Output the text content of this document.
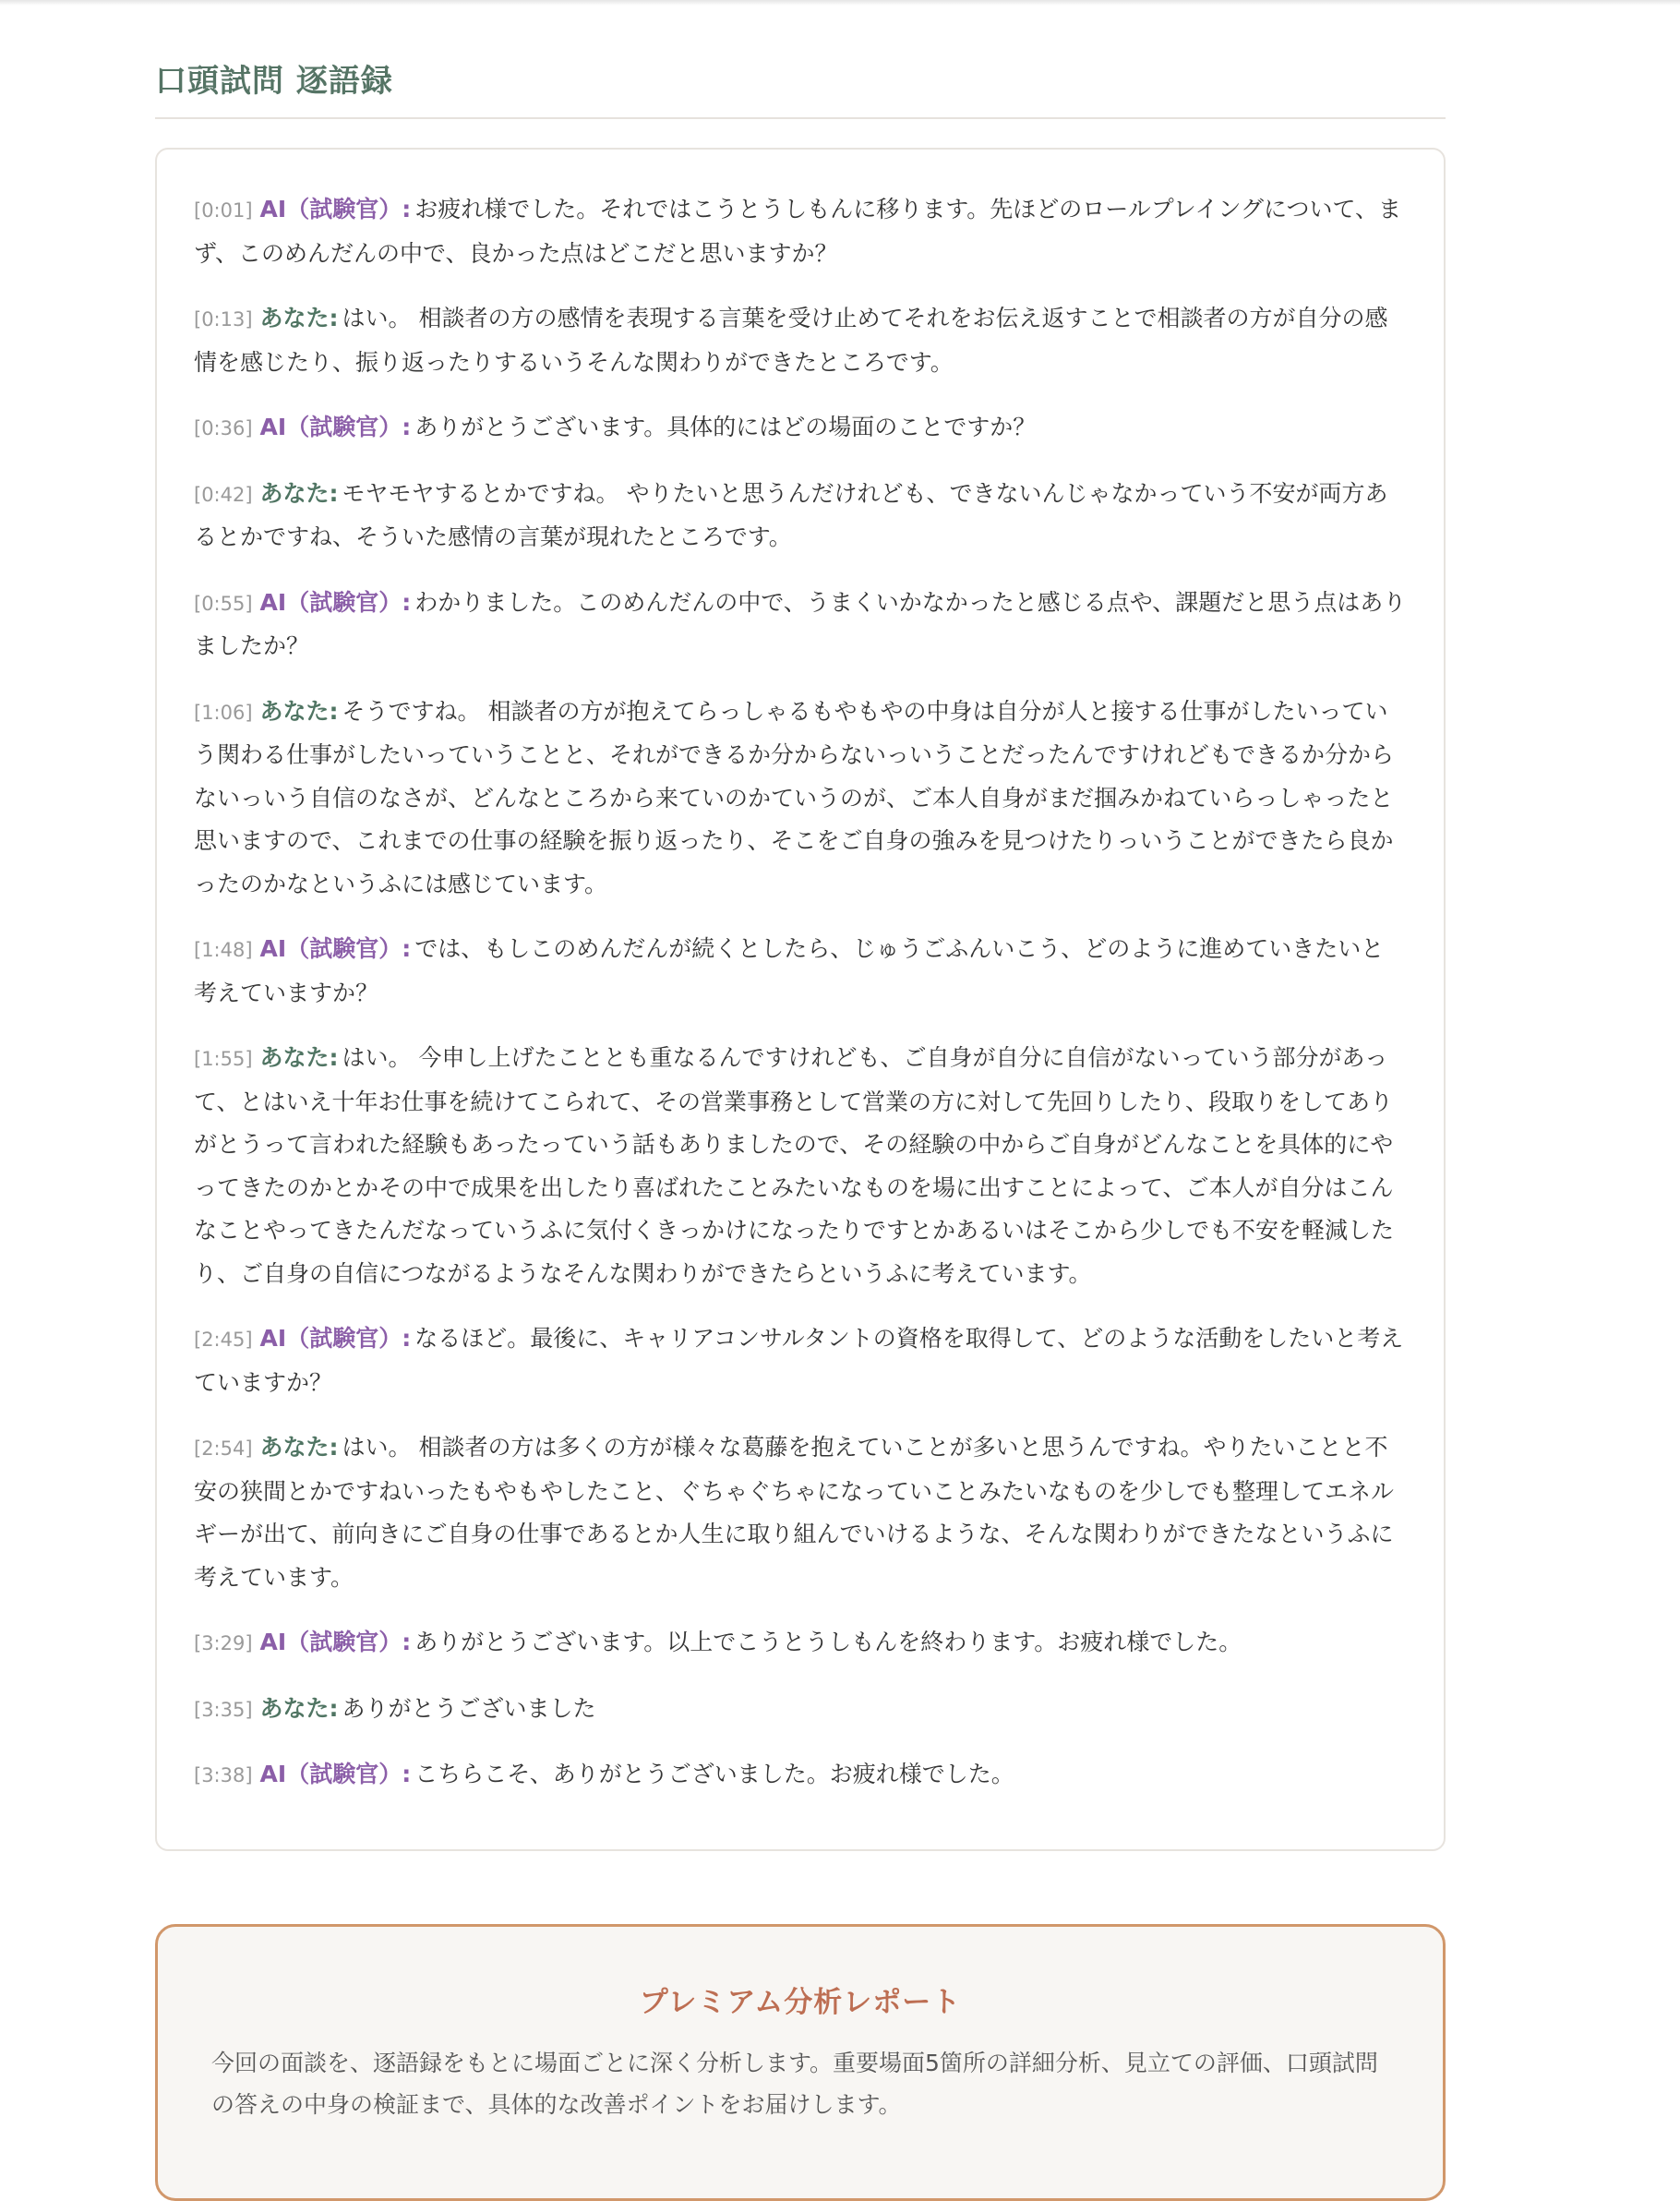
口頭試問 逐語録
[0:01] AI（試験官）: お疲れ様でした。それではこうとうしもんに移ります。先ほどのロールプレイングについて、まず、このめんだんの中で、良かった点はどこだと思いますか？
[0:13] あなた: はい。 相談者の方の感情を表現する言葉を受け止めてそれをお伝え返すことで相談者の方が自分の感情を感じたり、振り返ったりするいうそんな関わりができたところです。
[0:36] AI（試験官）: ありがとうございます。具体的にはどの場面のことですか？
[0:42] あなた: モヤモヤするとかですね。 やりたいと思うんだけれども、できないんじゃなかっていう不安が両方あるとかですね、そういた感情の言葉が現れたところです。
[0:55] AI（試験官）: わかりました。このめんだんの中で、うまくいかなかったと感じる点や、課題だと思う点はありましたか？
[1:06] あなた: そうですね。 相談者の方が抱えてらっしゃるもやもやの中身は自分が人と接する仕事がしたいっていう関わる仕事がしたいっていうことと、それができるか分からないっいうことだったんですけれどもできるか分からないっいう自信のなさが、どんなところから来ていのかていうのが、ご本人自身がまだ掴みかねていらっしゃったと思いますので、これまでの仕事の経験を振り返ったり、そこをご自身の強みを見つけたりっいうことができたら良かったのかなというふには感じています。
[1:48] AI（試験官）: では、もしこのめんだんが続くとしたら、じゅうごふんいこう、どのように進めていきたいと考えていますか？
[1:55] あなた: はい。 今申し上げたこととも重なるんですけれども、ご自身が自分に自信がないっていう部分があって、とはいえ十年お仕事を続けてこられて、その営業事務として営業の方に対して先回りしたり、段取りをしてありがとうって言われた経験もあったっていう話もありましたので、その経験の中からご自身がどんなことを具体的にやってきたのかとかその中で成果を出したり喜ばれたことみたいなものを場に出すことによって、ご本人が自分はこんなことやってきたんだなっていうふに気付くきっかけになったりですとかあるいはそこから少しでも不安を軽減したり、ご自身の自信につながるようなそんな関わりができたらというふに考えています。
[2:45] AI（試験官）: なるほど。最後に、キャリアコンサルタントの資格を取得して、どのような活動をしたいと考えていますか？
[2:54] あなた: はい。 相談者の方は多くの方が様々な葛藤を抱えていことが多いと思うんですね。やりたいことと不安の狭間とかですねいったもやもやしたこと、ぐちゃぐちゃになっていことみたいなものを少しでも整理してエネルギーが出て、前向きにご自身の仕事であるとか人生に取り組んでいけるような、そんな関わりができたなというふに考えています。
[3:29] AI（試験官）: ありがとうございます。以上でこうとうしもんを終わります。お疲れ様でした。
[3:35] あなた: ありがとうございました
[3:38] AI（試験官）: こちらこそ、ありがとうございました。お疲れ様でした。
プレミアム分析レポート

今回の面談を、逐語録をもとに場面ごとに深く分析します。重要場面5箇所の詳細分析、見立ての評価、口頭試問の答えの中身の検証まで、具体的な改善ポイントをお届けします。
